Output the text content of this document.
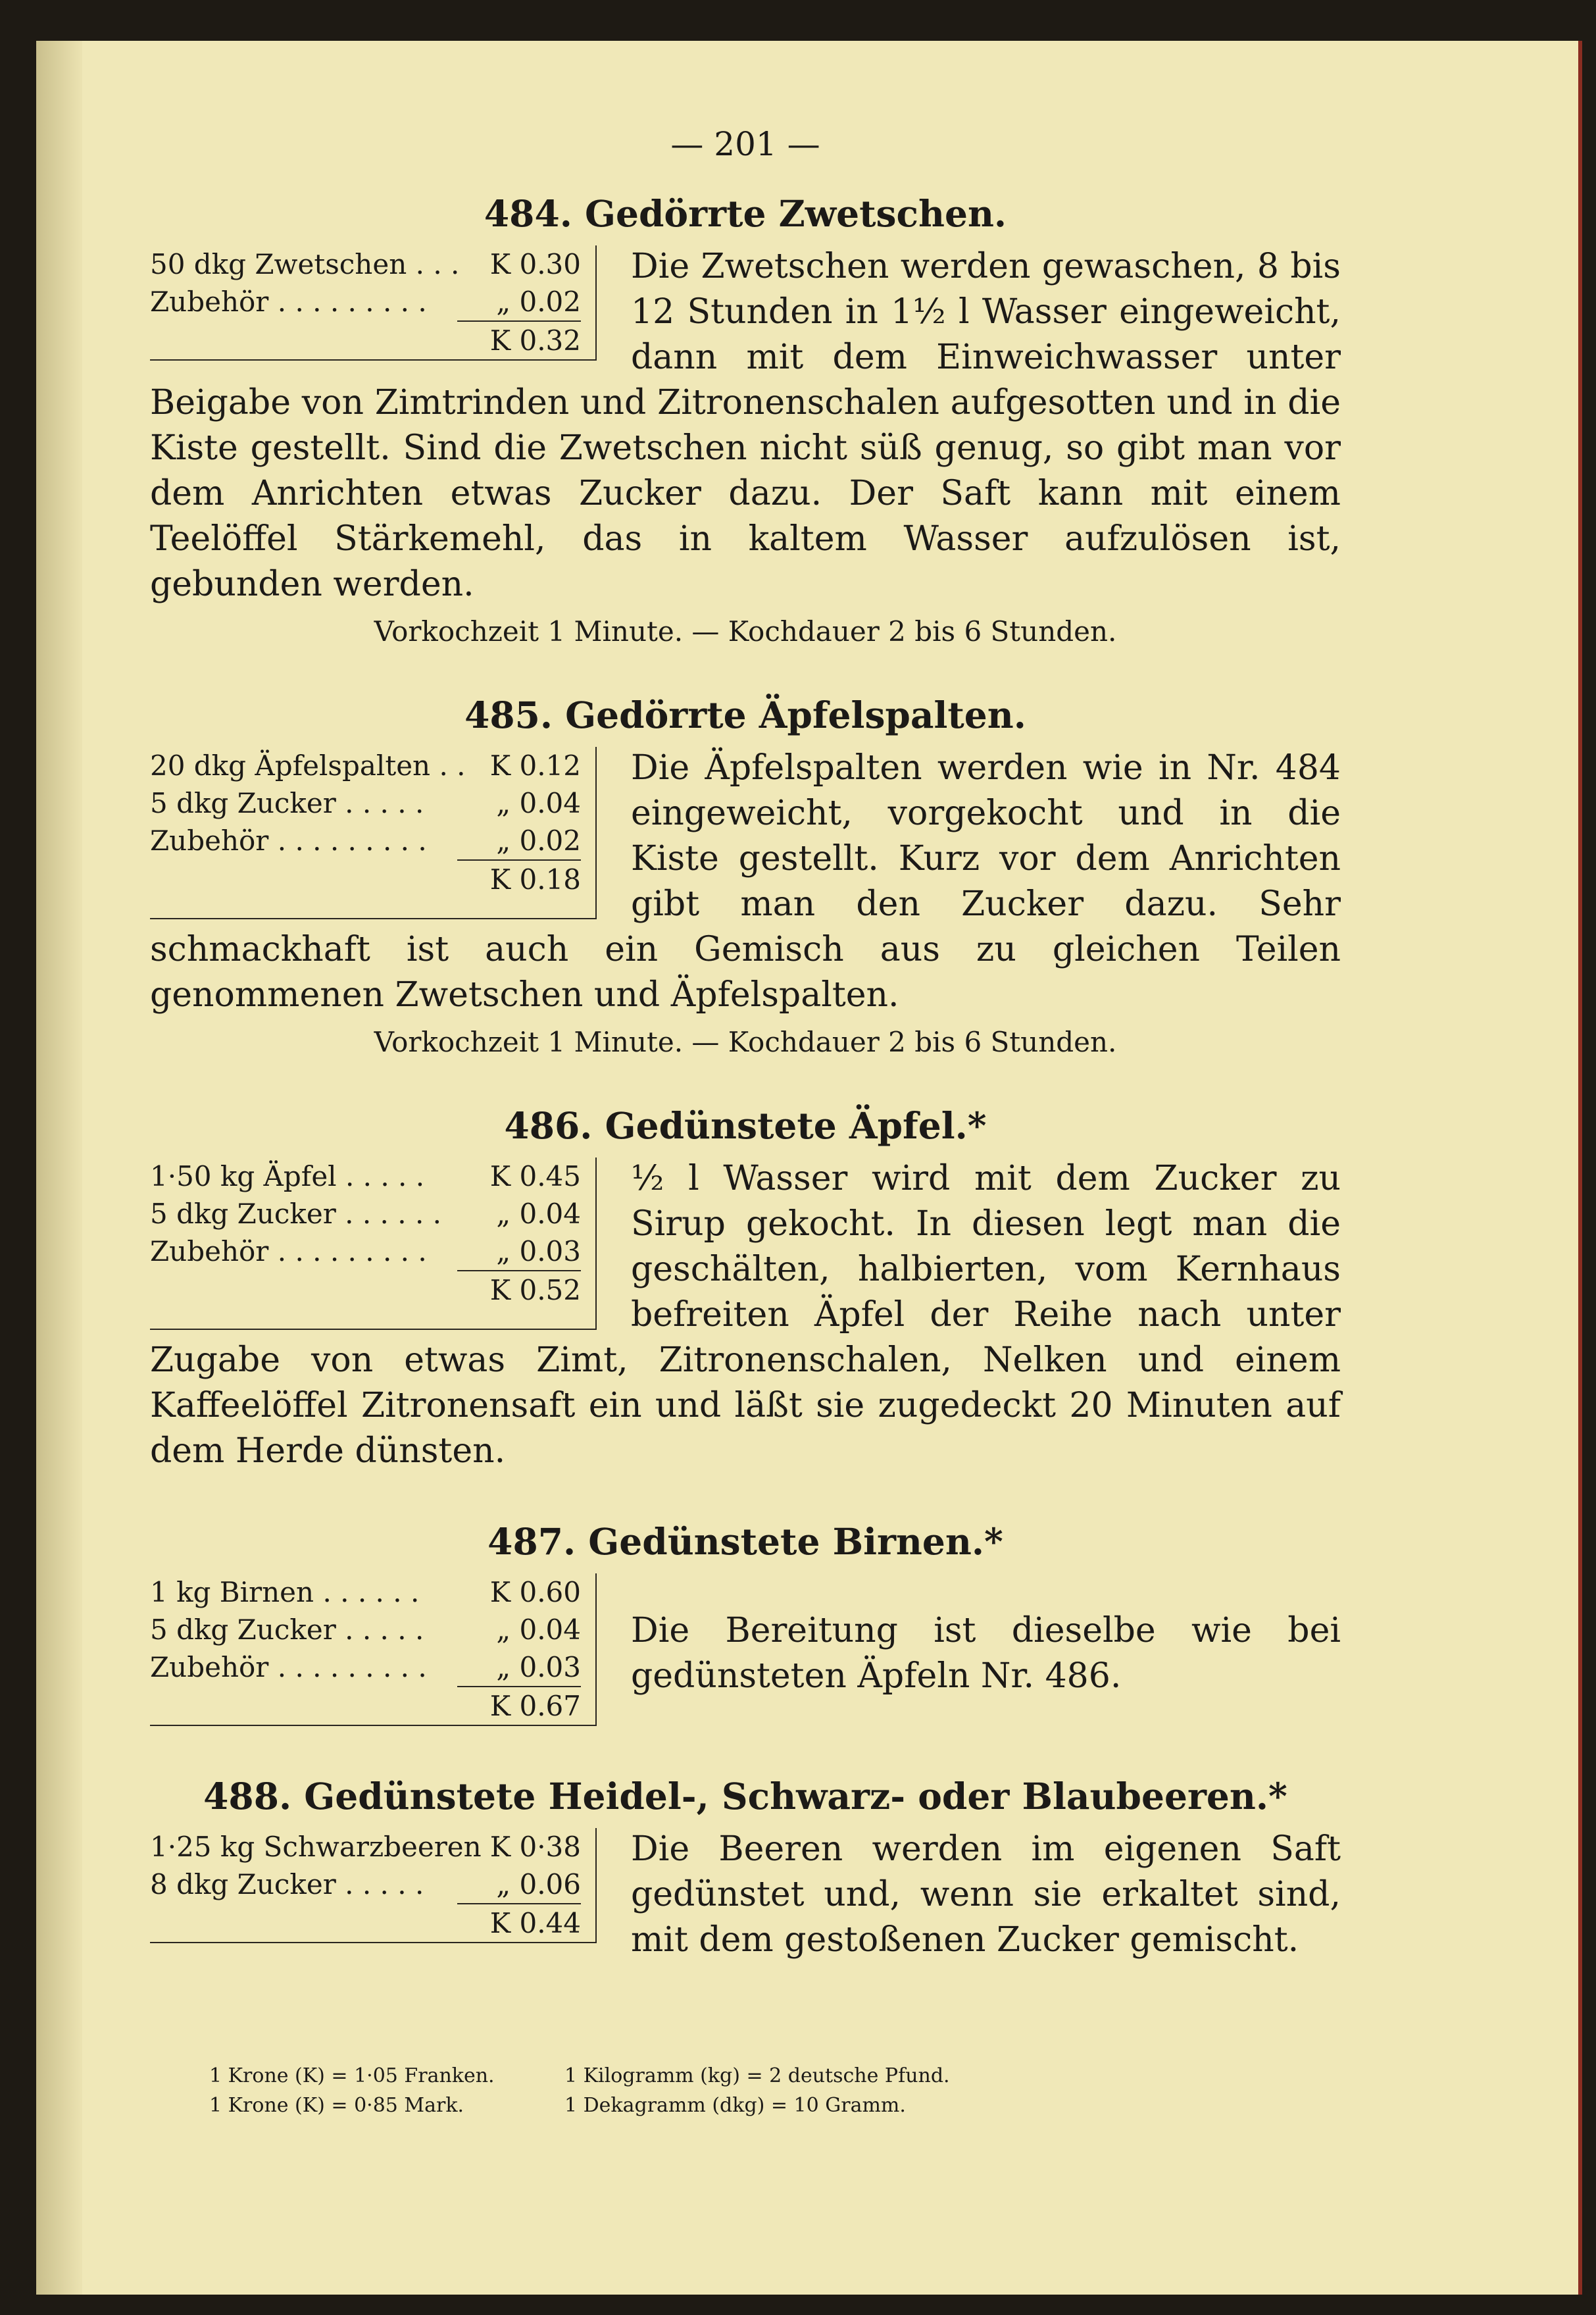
— 201 —
484. Gedörrte Zwetschen.
50 dkg Zwetschen . . .	K 0.30
Zubehör . . . . . . . . .	„ 0.02
K 0.32

Die Zwetschen werden gewaschen, 8 bis 12 Stunden in 1½ l Wasser eingeweicht, dann mit dem Einweichwasser unter Beigabe von Zimtrinden und Zitronenschalen aufgesotten und in die Kiste gestellt. Sind die Zwetschen nicht süß genug, so gibt man vor dem Anrichten etwas Zucker dazu. Der Saft kann mit einem Teelöffel Stärkemehl, das in kaltem Wasser aufzulösen ist, gebunden werden.

Vorkochzeit 1 Minute. — Kochdauer 2 bis 6 Stunden.
485. Gedörrte Äpfelspalten.
20 dkg Äpfelspalten . . K 0.12
5 dkg Zucker . . . . .	„ 0.04
Zubehör . . . . . . . . .	„ 0.02
K 0.18

Die Äpfelspalten werden wie in Nr. 484 eingeweicht, vorgekocht und in die Kiste gestellt. Kurz vor dem Anrichten gibt man den Zucker dazu. Sehr schmackhaft ist auch ein Gemisch aus zu gleichen Teilen genommenen Zwetschen und Äpfelspalten.

Vorkochzeit 1 Minute. — Kochdauer 2 bis 6 Stunden.
486. Gedünstete Äpfel.*
1·50 kg Äpfel . . . . .	K 0.45
5 dkg Zucker . . . . . .	„ 0.04
Zubehör . . . . . . . . .	„ 0.03
K 0.52

½ l Wasser wird mit dem Zucker zu Sirup gekocht. In diesen legt man die geschälten, halbierten, vom Kernhaus befreiten Äpfel der Reihe nach unter Zugabe von etwas Zimt, Zitronenschalen, Nelken und einem Kaffeelöffel Zitronensaft ein und läßt sie zugedeckt 20 Minuten auf dem Herde dünsten.

487. Gedünstete Birnen.*
1 kg Birnen . . . . . .	K 0.60
5 dkg Zucker . . . . .	„ 0.04
Zubehör . . . . . . . . .	„ 0.03
K 0.67

Die Bereitung ist dieselbe wie bei gedünsteten Äpfeln Nr. 486.

488. Gedünstete Heidel-, Schwarz- oder Blaubeeren.*
1·25 kg Schwarzbeeren K 0·38
8 dkg Zucker . . . . .	„ 0.06
K 0.44

Die Beeren werden im eigenen Saft gedünstet und, wenn sie erkaltet sind, mit dem gestoßenen Zucker gemischt.

1 Krone (K) = 1·05 Franken.	1 Kilogramm (kg) = 2 deutsche Pfund.
1 Krone (K) = 0·85 Mark.	1 Dekagramm (dkg) = 10 Gramm.
